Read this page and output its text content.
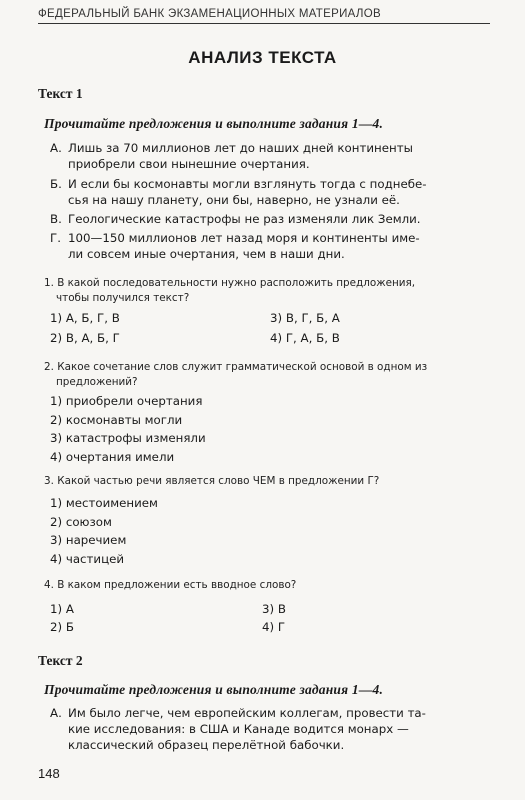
ФЕДЕРАЛЬНЫЙ БАНК ЭКЗАМЕНАЦИОННЫХ МАТЕРИАЛОВ
АНАЛИЗ ТЕКСТА
Текст 1
Прочитайте предложения и выполните задания 1—4.
А. Лишь за 70 миллионов лет до наших дней континенты
приобрели свои нынешние очертания.
Б. И если бы космонавты могли взглянуть тогда с поднебе-
сья на нашу планету, они бы, наверно, не узнали её.
В. Геологические катастрофы не раз изменяли лик Земли.
Г. 100—150 миллионов лет назад моря и континенты име-
ли совсем иные очертания, чем в наши дни.
1. В какой последовательности нужно расположить предложения,
чтобы получился текст?
1) А, Б, Г, В	3) В, Г, Б, А
2) В, А, Б, Г	4) Г, А, Б, В
2. Какое сочетание слов служит грамматической основой в одном из
предложений?
1) приобрели очертания
2) космонавты могли
3) катастрофы изменяли
4) очертания имели
3. Какой частью речи является слово ЧЕМ в предложении Г?
1) местоимением
2) союзом
3) наречием
4) частицей
4. В каком предложении есть вводное слово?
1) А	3) В
2) Б	4) Г
Текст 2
Прочитайте предложения и выполните задания 1—4.
А. Им было легче, чем европейским коллегам, провести та-
кие исследования: в США и Канаде водится монарх —
классический образец перелётной бабочки.
148
